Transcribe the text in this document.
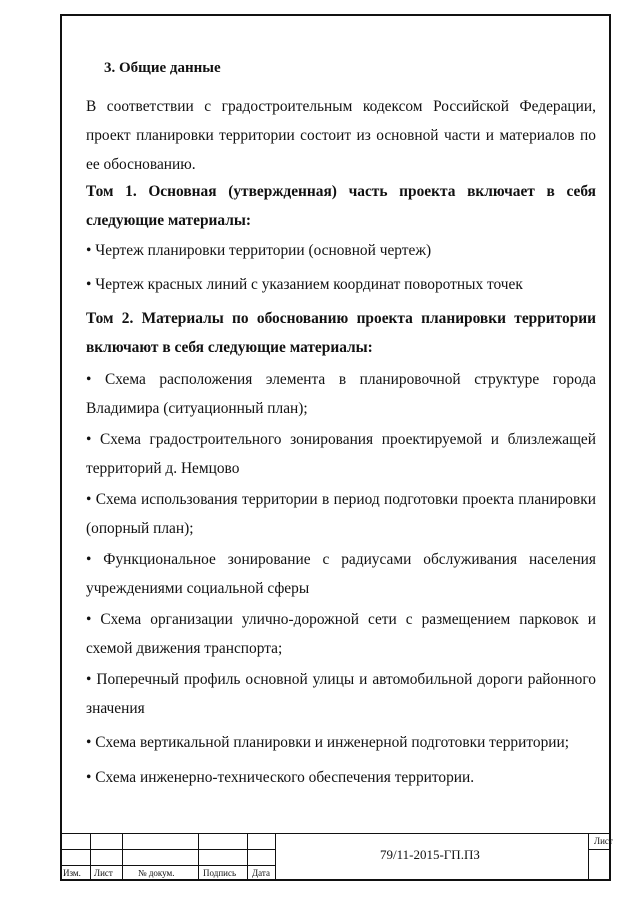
3. Общие данные
В соответствии с градостроительным кодексом Российской Федерации, проект планировки территории состоит из основной части и материалов по ее обоснованию.
Том 1. Основная (утвержденная) часть проекта включает в себя следующие материалы:
• Чертеж планировки территории (основной чертеж)
• Чертеж красных линий с указанием координат поворотных точек
Том 2. Материалы по обоснованию проекта планировки территории включают в себя следующие материалы:
• Схема расположения элемента в планировочной структуре города Владимира (ситуационный план);
• Схема градостроительного зонирования проектируемой и близлежащей территорий д. Немцово
• Схема использования территории в период подготовки проекта планировки (опорный план);
• Функциональное зонирование с радиусами обслуживания населения учреждениями социальной сферы
• Схема организации улично-дорожной сети с размещением парковок и схемой движения транспорта;
• Поперечный профиль основной улицы и автомобильной дороги районного значения
• Схема вертикальной планировки и инженерной подготовки территории;
• Схема инженерно-технического обеспечения территории.
Изм. Лист	№ докум.	Подпись Дата
79/11-2015-ГП.ПЗ
Лист
